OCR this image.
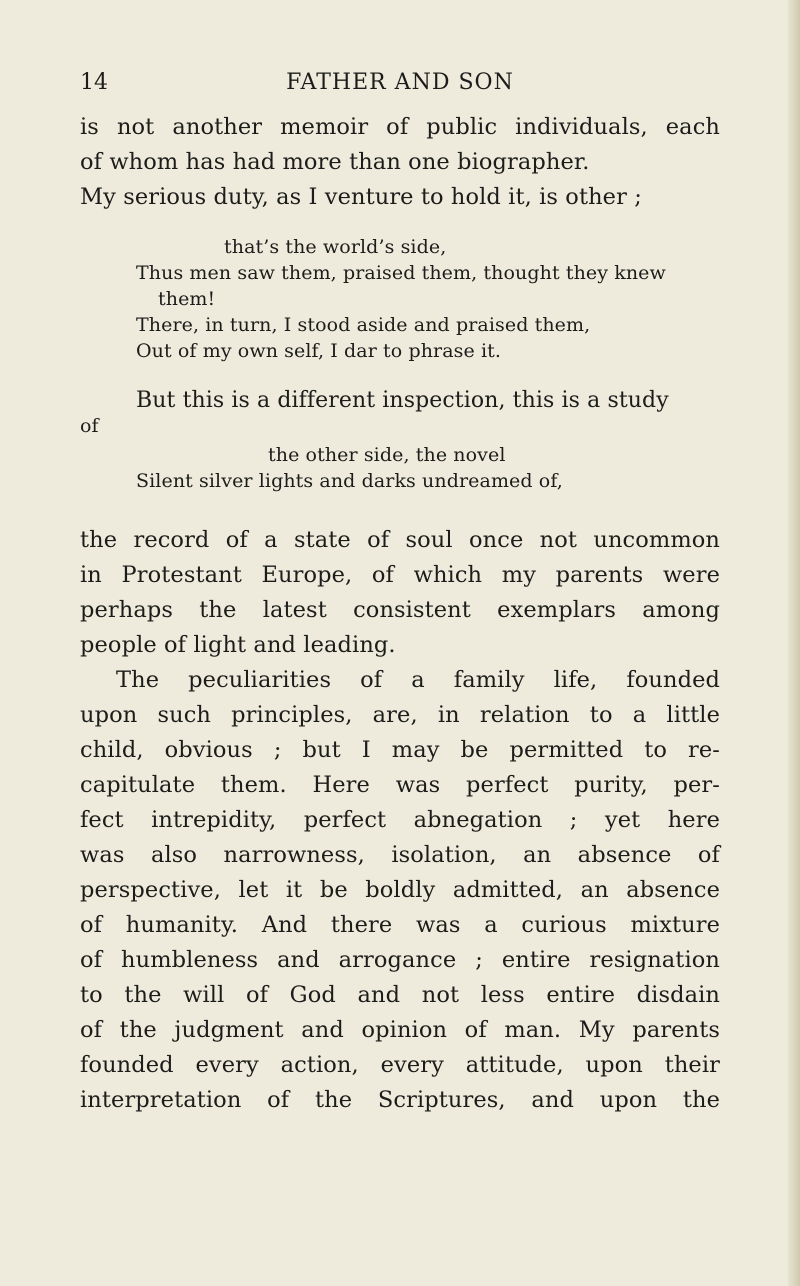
14	FATHER AND SON
is not another memoir of public individuals, each
of whom has had more than one biographer.
My serious duty, as I venture to hold it, is other ;
that’s the world’s side,
Thus men saw them, praised them, thought they knew
them!
There, in turn, I stood aside and praised them,
Out of my own self, I dar to phrase it.
But this is a different inspection, this is a study
of
the other side, the novel
Silent silver lights and darks undreamed of,
the record of a state of soul once not uncommon
in Protestant Europe, of which my parents were
perhaps the latest consistent exemplars among
people of light and leading.
The peculiarities of a family life, founded
upon such principles, are, in relation to a little
child, obvious ; but I may be permitted to re-
capitulate them. Here was perfect purity, per-
fect intrepidity, perfect abnegation ; yet here
was also narrowness, isolation, an absence of
perspective, let it be boldly admitted, an absence
of humanity. And there was a curious mixture
of humbleness and arrogance ; entire resignation
to the will of God and not less entire disdain
of the judgment and opinion of man. My parents
founded every action, every attitude, upon their
interpretation of the Scriptures, and upon the
